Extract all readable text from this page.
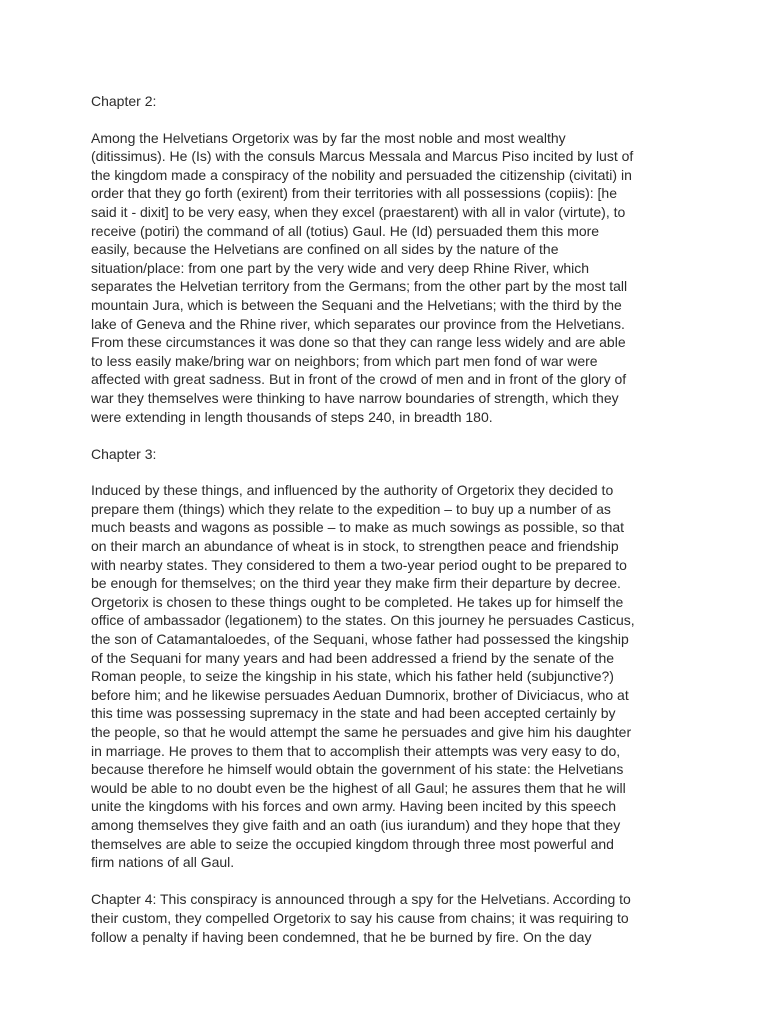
Chapter 2:
Among the Helvetians Orgetorix was by far the most noble and most wealthy
(ditissimus). He (Is) with the consuls Marcus Messala and Marcus Piso incited by lust of
the kingdom made a conspiracy of the nobility and persuaded the citizenship (civitati) in
order that they go forth (exirent) from their territories with all possessions (copiis): [he
said it - dixit] to be very easy, when they excel (praestarent) with all in valor (virtute), to
receive (potiri) the command of all (totius) Gaul. He (Id) persuaded them this more
easily, because the Helvetians are confined on all sides by the nature of the
situation/place: from one part by the very wide and very deep Rhine River, which
separates the Helvetian territory from the Germans; from the other part by the most tall
mountain Jura, which is between the Sequani and the Helvetians; with the third by the
lake of Geneva and the Rhine river, which separates our province from the Helvetians.
From these circumstances it was done so that they can range less widely and are able
to less easily make/bring war on neighbors; from which part men fond of war were
affected with great sadness. But in front of the crowd of men and in front of the glory of
war they themselves were thinking to have narrow boundaries of strength, which they
were extending in length thousands of steps 240, in breadth 180.
Chapter 3:
Induced by these things, and influenced by the authority of Orgetorix they decided to
prepare them (things) which they relate to the expedition – to buy up a number of as
much beasts and wagons as possible – to make as much sowings as possible, so that
on their march an abundance of wheat is in stock, to strengthen peace and friendship
with nearby states. They considered to them a two-year period ought to be prepared to
be enough for themselves; on the third year they make firm their departure by decree.
Orgetorix is chosen to these things ought to be completed. He takes up for himself the
office of ambassador (legationem) to the states. On this journey he persuades Casticus,
the son of Catamantaloedes, of the Sequani, whose father had possessed the kingship
of the Sequani for many years and had been addressed a friend by the senate of the
Roman people, to seize the kingship in his state, which his father held (subjunctive?)
before him; and he likewise persuades Aeduan Dumnorix, brother of Diviciacus, who at
this time was possessing supremacy in the state and had been accepted certainly by
the people, so that he would attempt the same he persuades and give him his daughter
in marriage. He proves to them that to accomplish their attempts was very easy to do,
because therefore he himself would obtain the government of his state: the Helvetians
would be able to no doubt even be the highest of all Gaul; he assures them that he will
unite the kingdoms with his forces and own army. Having been incited by this speech
among themselves they give faith and an oath (ius iurandum) and they hope that they
themselves are able to seize the occupied kingdom through three most powerful and
firm nations of all Gaul.
Chapter 4: This conspiracy is announced through a spy for the Helvetians. According to
their custom, they compelled Orgetorix to say his cause from chains; it was requiring to
follow a penalty if having been condemned, that he be burned by fire. On the day
